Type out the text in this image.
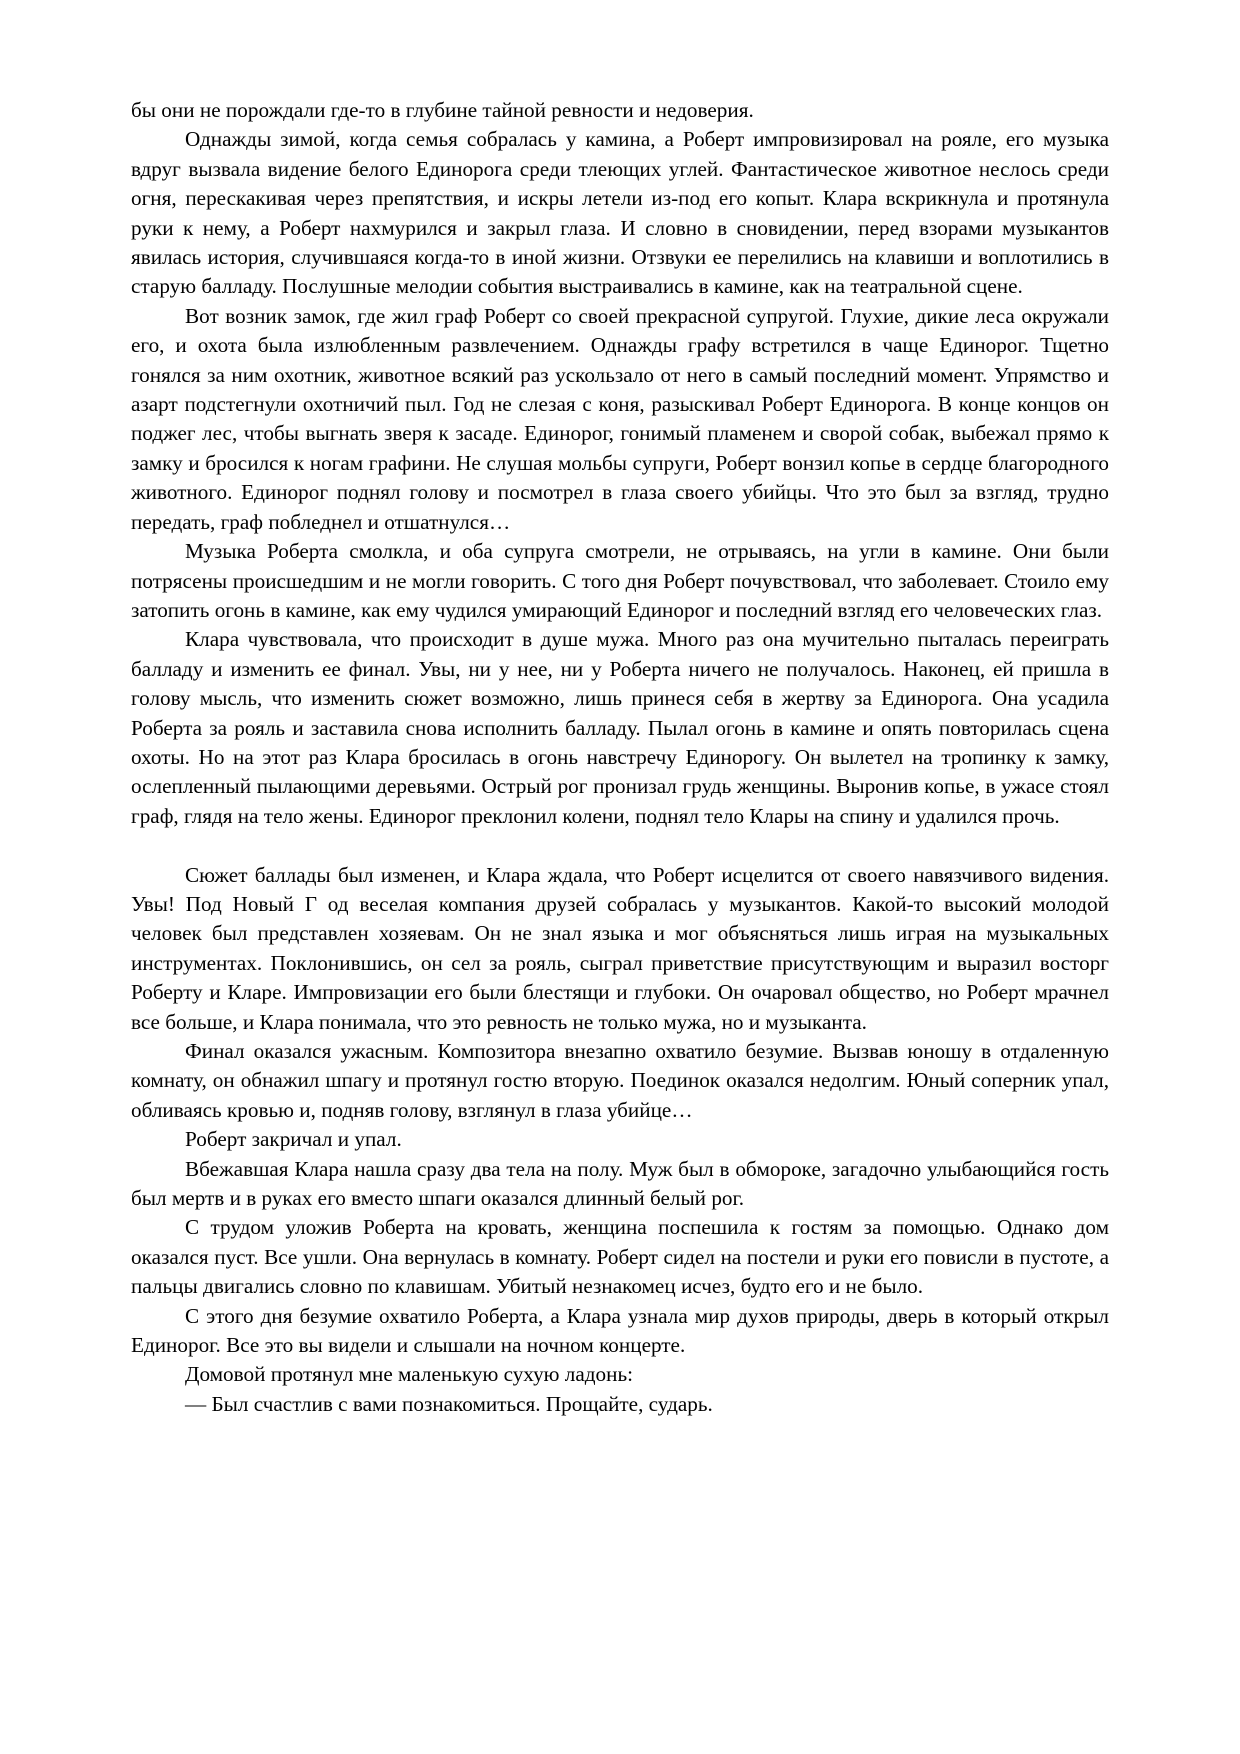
бы они не порождали где-то в глубине тайной ревности и недоверия.

Однажды зимой, когда семья собралась у камина, а Роберт импровизировал на рояле, его музыка вдруг вызвала видение белого Единорога среди тлеющих углей. Фантастическое животное неслось среди огня, перескакивая через препятствия, и искры летели из-под его копыт. Клара вскрикнула и протянула руки к нему, а Роберт нахмурился и закрыл глаза. И словно в сновидении, перед взорами музыкантов явилась история, случившаяся когда-то в иной жизни. Отзвуки ее перелились на клавиши и воплотились в старую балладу. Послушные мелодии события выстраивались в камине, как на театральной сцене.

Вот возник замок, где жил граф Роберт со своей прекрасной супругой. Глухие, дикие леса окружали его, и охота была излюбленным развлечением. Однажды графу встретился в чаще Единорог. Тщетно гонялся за ним охотник, животное всякий раз ускользало от него в самый последний момент. Упрямство и азарт подстегнули охотничий пыл. Год не слезая с коня, разыскивал Роберт Единорога. В конце концов он поджег лес, чтобы выгнать зверя к засаде. Единорог, гонимый пламенем и сворой собак, выбежал прямо к замку и бросился к ногам графини. Не слушая мольбы супруги, Роберт вонзил копье в сердце благородного животного. Единорог поднял голову и посмотрел в глаза своего убийцы. Что это был за взгляд, трудно передать, граф побледнел и отшатнулся…

Музыка Роберта смолкла, и оба супруга смотрели, не отрываясь, на угли в камине. Они были потрясены происшедшим и не могли говорить. С того дня Роберт почувствовал, что заболевает. Стоило ему затопить огонь в камине, как ему чудился умирающий Единорог и последний взгляд его человеческих глаз.

Клара чувствовала, что происходит в душе мужа. Много раз она мучительно пыталась переиграть балладу и изменить ее финал. Увы, ни у нее, ни у Роберта ничего не получалось. Наконец, ей пришла в голову мысль, что изменить сюжет возможно, лишь принеся себя в жертву за Единорога. Она усадила Роберта за рояль и заставила снова исполнить балладу. Пылал огонь в камине и опять повторилась сцена охоты. Но на этот раз Клара бросилась в огонь навстречу Единорогу. Он вылетел на тропинку к замку, ослепленный пылающими деревьями. Острый рог пронизал грудь женщины. Выронив копье, в ужасе стоял граф, глядя на тело жены. Единорог преклонил колени, поднял тело Клары на спину и удалился прочь.

Сюжет баллады был изменен, и Клара ждала, что Роберт исцелится от своего навязчивого видения. Увы! Под Новый Г од веселая компания друзей собралась у музыкантов. Какой-то высокий молодой человек был представлен хозяевам. Он не знал языка и мог объясняться лишь играя на музыкальных инструментах. Поклонившись, он сел за рояль, сыграл приветствие присутствующим и выразил восторг Роберту и Кларе. Импровизации его были блестящи и глубоки. Он очаровал общество, но Роберт мрачнел все больше, и Клара понимала, что это ревность не только мужа, но и музыканта.

Финал оказался ужасным. Композитора внезапно охватило безумие. Вызвав юношу в отдаленную комнату, он обнажил шпагу и протянул гостю вторую. Поединок оказался недолгим. Юный соперник упал, обливаясь кровью и, подняв голову, взглянул в глаза убийце…

Роберт закричал и упал.

Вбежавшая Клара нашла сразу два тела на полу. Муж был в обмороке, загадочно улыбающийся гость был мертв и в руках его вместо шпаги оказался длинный белый рог.

С трудом уложив Роберта на кровать, женщина поспешила к гостям за помощью. Однако дом оказался пуст. Все ушли. Она вернулась в комнату. Роберт сидел на постели и руки его повисли в пустоте, а пальцы двигались словно по клавишам. Убитый незнакомец исчез, будто его и не было.

С этого дня безумие охватило Роберта, а Клара узнала мир духов природы, дверь в который открыл Единорог. Все это вы видели и слышали на ночном концерте.

Домовой протянул мне маленькую сухую ладонь:

— Был счастлив с вами познакомиться. Прощайте, сударь.
